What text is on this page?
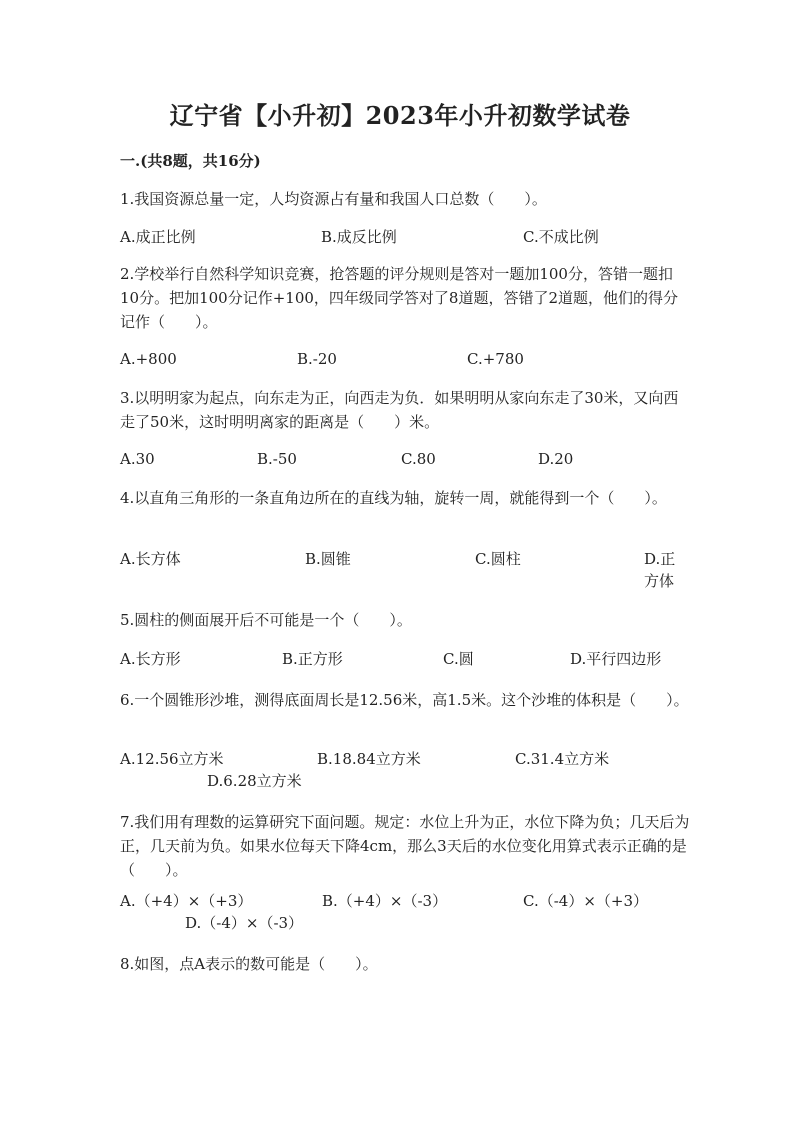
辽宁省【小升初】2023年小升初数学试卷
一.(共8题，共16分)
1.我国资源总量一定，人均资源占有量和我国人口总数（　　）。
A.成正比例	B.成反比例	C.不成比例
2.学校举行自然科学知识竞赛，抢答题的评分规则是答对一题加100分，答错一题扣10分。把加100分记作+100，四年级同学答对了8道题，答错了2道题，他们的得分记作（　　）。
A.+800	B.-20	C.+780
3.以明明家为起点，向东走为正，向西走为负．如果明明从家向东走了30米，又向西走了50米，这时明明离家的距离是（　　）米。
A.30	B.-50	C.80	D.20
4.以直角三角形的一条直角边所在的直线为轴，旋转一周，就能得到一个（　　）。
A.长方体	B.圆锥	C.圆柱	D.正方体
5.圆柱的侧面展开后不可能是一个（　　）。
A.长方形	B.正方形	C.圆	D.平行四边形
6.一个圆锥形沙堆，测得底面周长是12.56米，高1.5米。这个沙堆的体积是（　　）。
A.12.56立方米	B.18.84立方米	C.31.4立方米
D.6.28立方米
7.我们用有理数的运算研究下面问题。规定：水位上升为正，水位下降为负；几天后为正，几天前为负。如果水位每天下降4cm，那么3天后的水位变化用算式表示正确的是（　　）。
A.（+4）×（+3）	B.（+4）×（-3）	C.（-4）×（+3）
D.（-4）×（-3）
8.如图，点A表示的数可能是（　　）。
